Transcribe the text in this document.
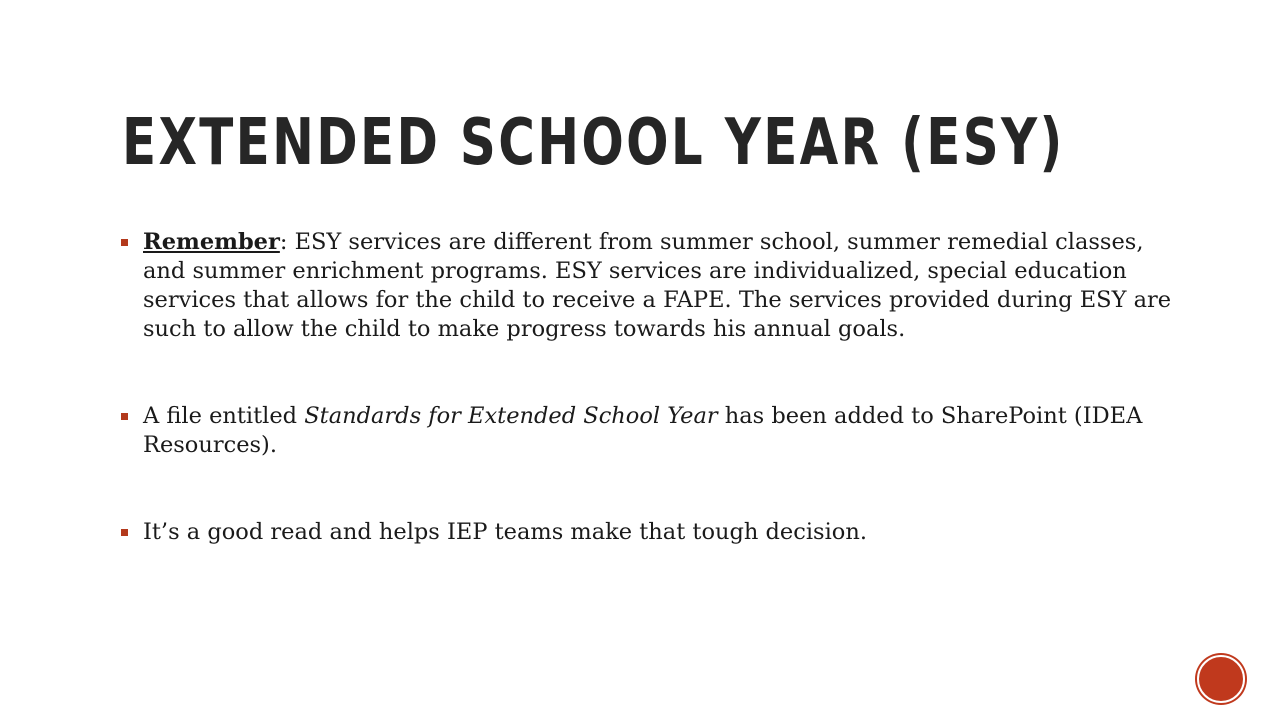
EXTENDED SCHOOL YEAR (ESY)
Remember: ESY services are different from summer school, summer remedial classes, and summer enrichment programs. ESY services are individualized, special education services that allows for the child to receive a FAPE. The services provided during ESY are such to allow the child to make progress towards his annual goals.
A file entitled Standards for Extended School Year has been added to SharePoint (IDEA Resources).
It’s a good read and helps IEP teams make that tough decision.
